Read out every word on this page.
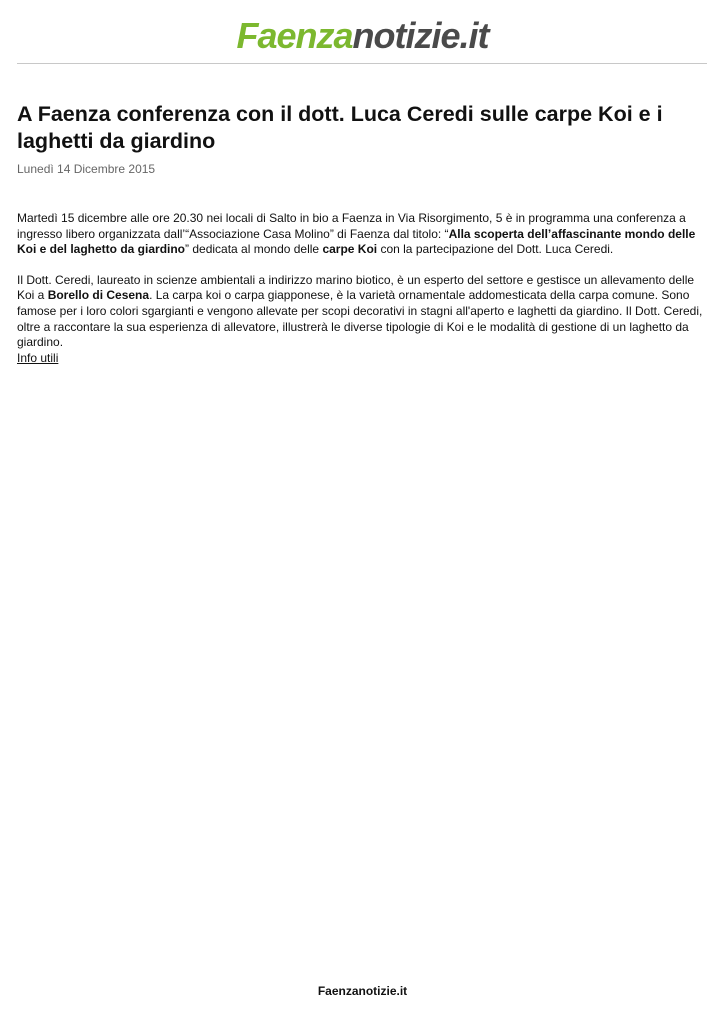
Faenzanotizie.it
A Faenza conferenza con il dott. Luca Ceredi sulle carpe Koi e i laghetti da giardino
Lunedì 14 Dicembre 2015

Martedì 15 dicembre alle ore 20.30 nei locali di Salto in bio a Faenza in Via Risorgimento, 5 è in programma una conferenza a ingresso libero organizzata dall’“Associazione Casa Molino” di Faenza dal titolo: “Alla scoperta dell’affascinante mondo delle Koi e del laghetto da giardino” dedicata al mondo delle carpe Koi con la partecipazione del Dott. Luca Ceredi.

Il Dott. Ceredi, laureato in scienze ambientali a indirizzo marino biotico, è un esperto del settore e gestisce un allevamento delle Koi a Borello di Cesena. La carpa koi o carpa giapponese, è la varietà ornamentale addomesticata della carpa comune. Sono famose per i loro colori sgargianti e vengono allevate per scopi decorativi in stagni all'aperto e laghetti da giardino. Il Dott. Ceredi, oltre a raccontare la sua esperienza di allevatore, illustrerà le diverse tipologie di Koi e le modalità di gestione di un laghetto da giardino.

Info utili
Faenzanotizie.it
